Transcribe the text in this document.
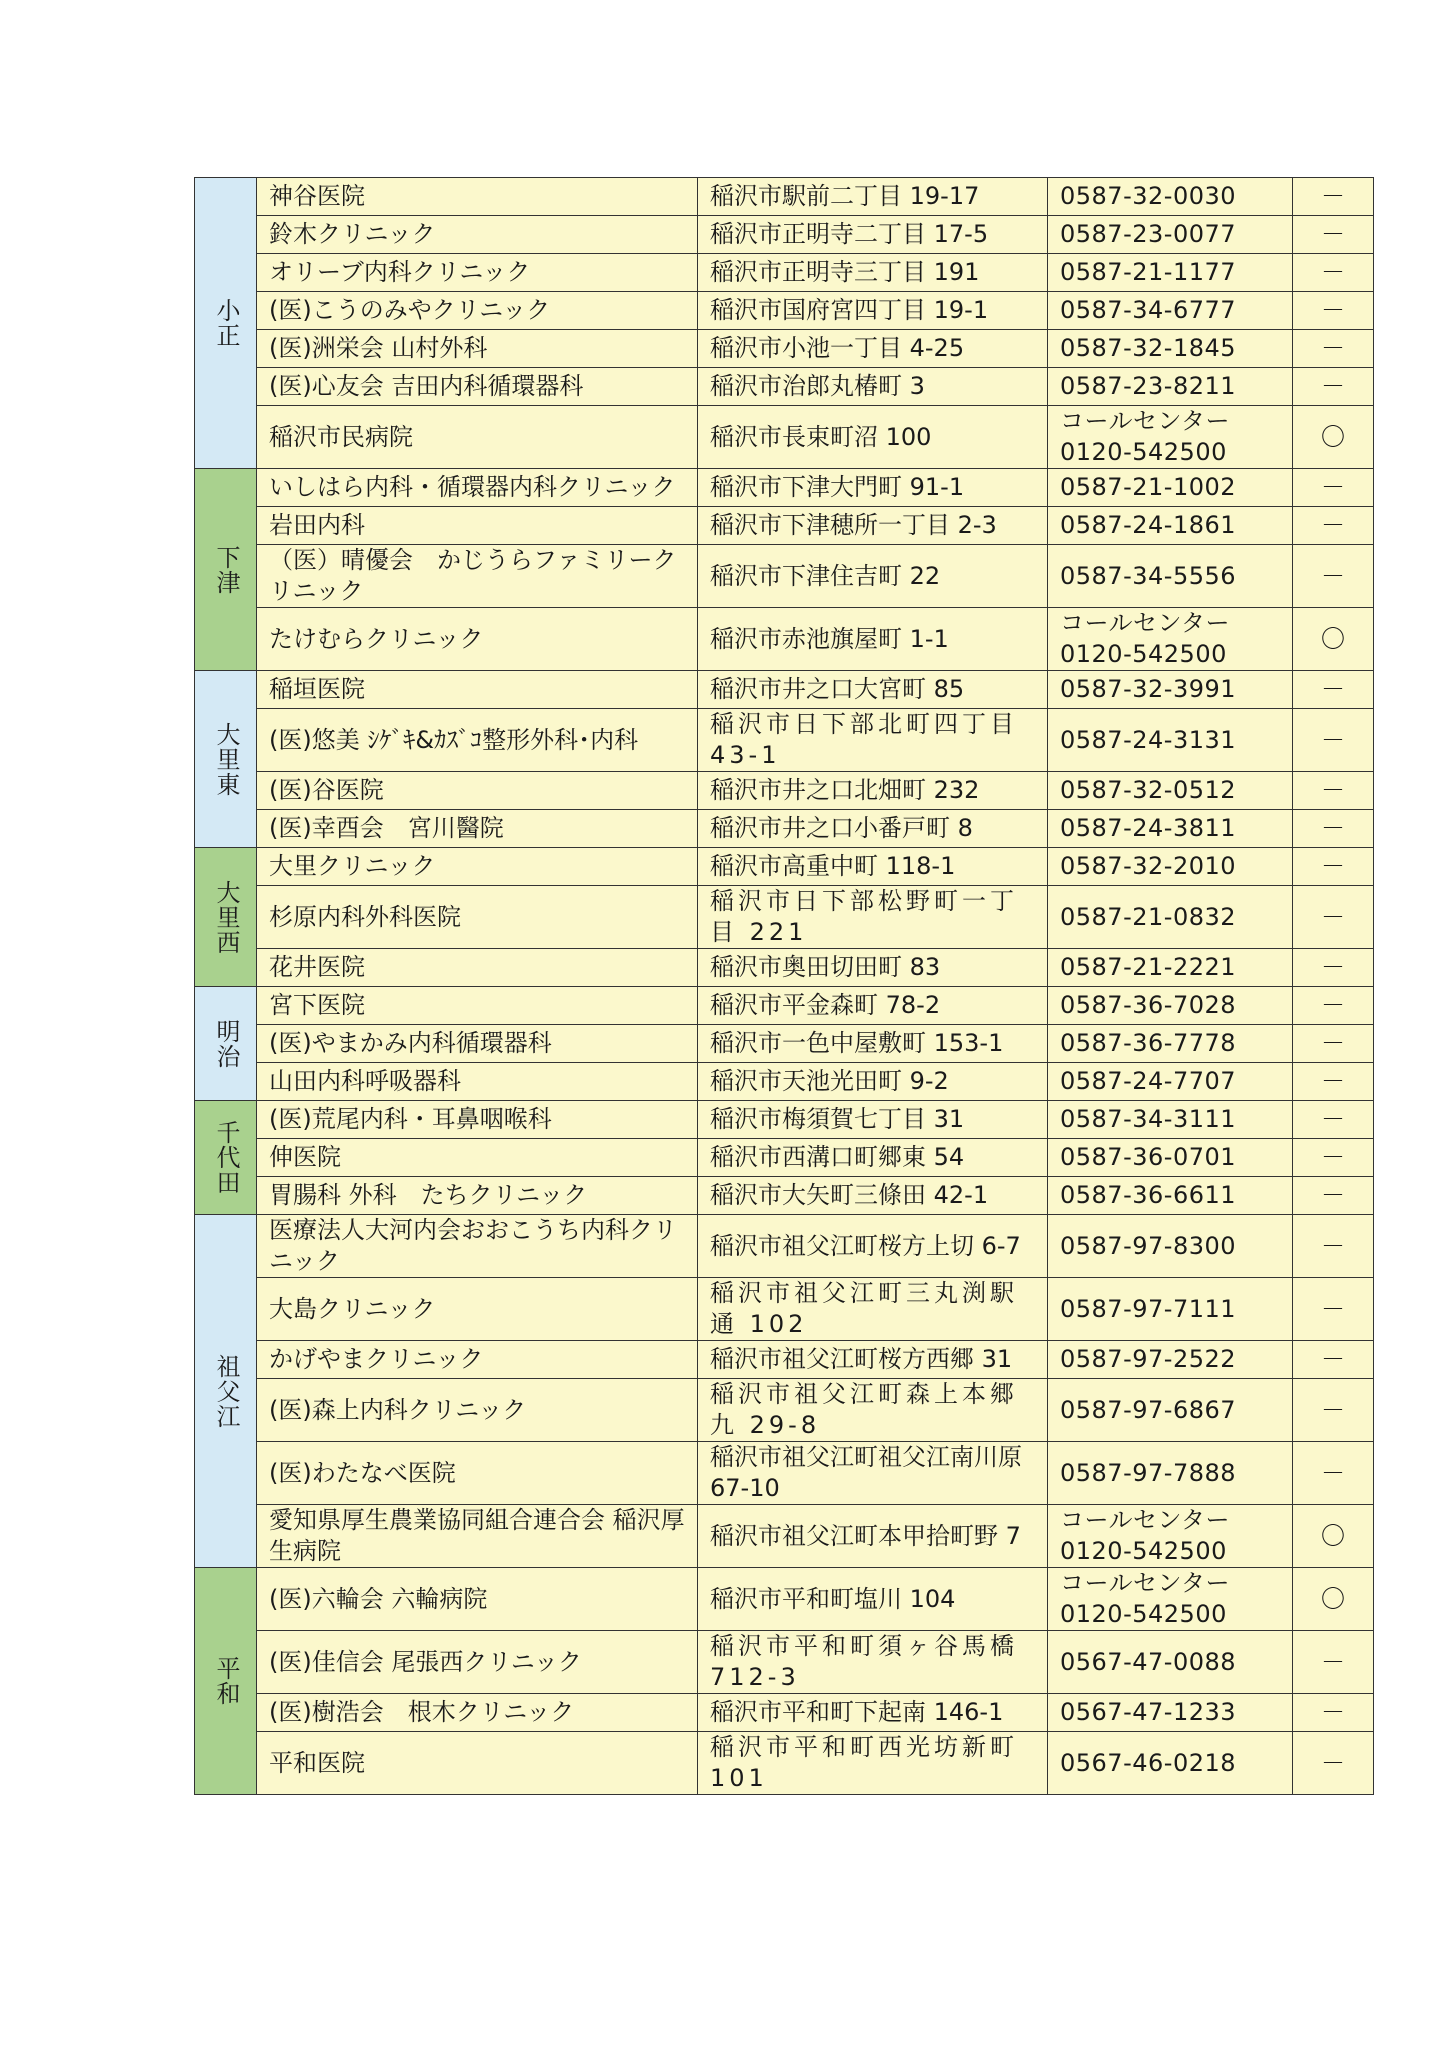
小正	神谷医院	稲沢市駅前二丁目 19-17	0587-32-0030	－
	鈴木クリニック	稲沢市正明寺二丁目 17-5	0587-23-0077	－
	オリーブ内科クリニック	稲沢市正明寺三丁目 191	0587-21-1177	－
	(医)こうのみやクリニック	稲沢市国府宮四丁目 19-1	0587-34-6777	－
	(医)洲栄会 山村外科	稲沢市小池一丁目 4-25	0587-32-1845	－
	(医)心友会 吉田内科循環器科	稲沢市治郎丸椿町 3	0587-23-8211	－
	稲沢市民病院	稲沢市長束町沼 100	コールセンター 0120-542500	〇
下津	いしはら内科・循環器内科クリニック	稲沢市下津大門町 91-1	0587-21-1002	－
	岩田内科	稲沢市下津穂所一丁目 2-3	0587-24-1861	－
	（医）晴優会　かじうらファミリークリニック	稲沢市下津住吉町 22	0587-34-5556	－
	たけむらクリニック	稲沢市赤池旗屋町 1-1	コールセンター 0120-542500	〇
大里東	稲垣医院	稲沢市井之口大宮町 85	0587-32-3991	－
	(医)悠美 ｼｹﾞｷ&ｶｽﾞｺ整形外科･内科	稲沢市日下部北町四丁目 43-1	0587-24-3131	－
	(医)谷医院	稲沢市井之口北畑町 232	0587-32-0512	－
	(医)幸酉会　宮川醫院	稲沢市井之口小番戸町 8	0587-24-3811	－
大里西	大里クリニック	稲沢市高重中町 118-1	0587-32-2010	－
	杉原内科外科医院	稲沢市日下部松野町一丁目 221	0587-21-0832	－
	花井医院	稲沢市奥田切田町 83	0587-21-2221	－
明治	宮下医院	稲沢市平金森町 78-2	0587-36-7028	－
	(医)やまかみ内科循環器科	稲沢市一色中屋敷町 153-1	0587-36-7778	－
	山田内科呼吸器科	稲沢市天池光田町 9-2	0587-24-7707	－
千代田	(医)荒尾内科・耳鼻咽喉科	稲沢市梅須賀七丁目 31	0587-34-3111	－
	伸医院	稲沢市西溝口町郷東 54	0587-36-0701	－
	胃腸科 外科　たちクリニック	稲沢市大矢町三條田 42-1	0587-36-6611	－
祖父江	医療法人大河内会おおこうち内科クリニック	稲沢市祖父江町桜方上切 6-7	0587-97-8300	－
	大島クリニック	稲沢市祖父江町三丸渕駅通 102	0587-97-7111	－
	かげやまクリニック	稲沢市祖父江町桜方西郷 31	0587-97-2522	－
	(医)森上内科クリニック	稲沢市祖父江町森上本郷九 29-8	0587-97-6867	－
	(医)わたなべ医院	稲沢市祖父江町祖父江南川原 67-10	0587-97-7888	－
	愛知県厚生農業協同組合連合会 稲沢厚生病院	稲沢市祖父江町本甲拾町野 7	コールセンター 0120-542500	〇
平和	(医)六輪会 六輪病院	稲沢市平和町塩川 104	コールセンター 0120-542500	〇
	(医)佳信会 尾張西クリニック	稲沢市平和町須ヶ谷馬橋 712-3	0567-47-0088	－
	(医)樹浩会　根木クリニック	稲沢市平和町下起南 146-1	0567-47-1233	－
	平和医院	稲沢市平和町西光坊新町 101	0567-46-0218	－
